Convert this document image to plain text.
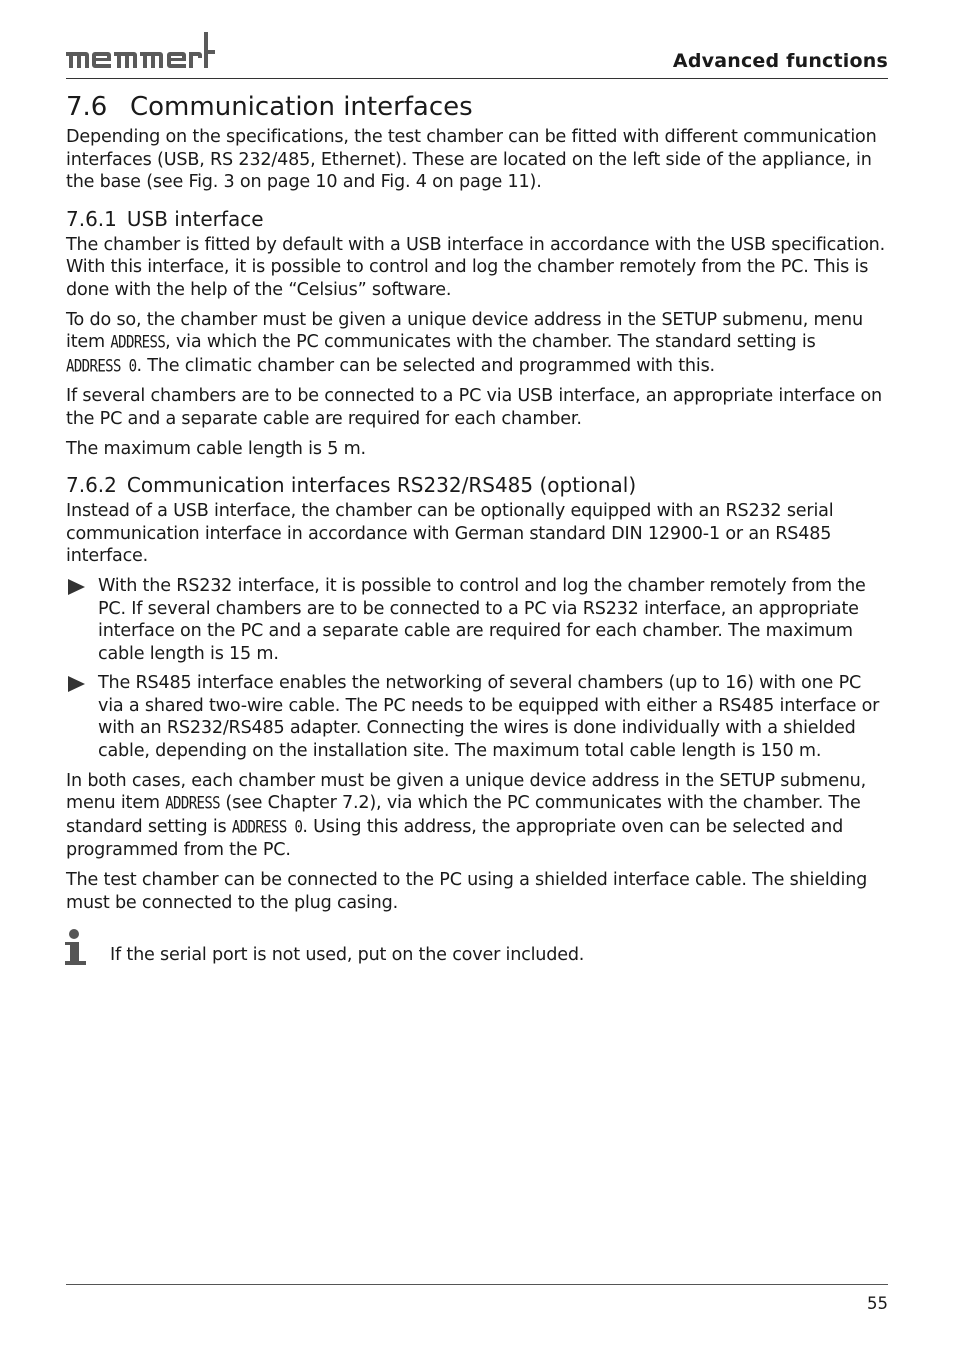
memmert	Advanced functions
7.6 Communication interfaces

Depending on the specifications, the test chamber can be fitted with different communication interfaces (USB, RS 232/485, Ethernet). These are located on the left side of the appliance, in the base (see Fig. 3 on page 10 and Fig. 4 on page 11).

7.6.1 USB interface

The chamber is fitted by default with a USB interface in accordance with the USB specification. With this interface, it is possible to control and log the chamber remotely from the PC. This is done with the help of the “Celsius” software.

To do so, the chamber must be given a unique device address in the SETUP submenu, menu item ADDRESS, via which the PC communicates with the chamber. The standard setting is ADDRESS 0. The climatic chamber can be selected and programmed with this.

If several chambers are to be connected to a PC via USB interface, an appropriate interface on the PC and a separate cable are required for each chamber.

The maximum cable length is 5 m.

7.6.2 Communication interfaces RS232/RS485 (optional)

Instead of a USB interface, the chamber can be optionally equipped with an RS232 serial communication interface in accordance with German standard DIN 12900-1 or an RS485 interface.

With the RS232 interface, it is possible to control and log the chamber remotely from the PC. If several chambers are to be connected to a PC via RS232 interface, an appropriate interface on the PC and a separate cable are required for each chamber. The maximum cable length is 15 m.
The RS485 interface enables the networking of several chambers (up to 16) with one PC via a shared two-wire cable. The PC needs to be equipped with either a RS485 interface or with an RS232/RS485 adapter. Connecting the wires is done individually with a shielded cable, depending on the installation site. The maximum total cable length is 150 m.

In both cases, each chamber must be given a unique device address in the SETUP submenu, menu item ADDRESS (see Chapter 7.2), via which the PC communicates with the chamber. The standard setting is ADDRESS 0. Using this address, the appropriate oven can be selected and programmed from the PC.

The test chamber can be connected to the PC using a shielded interface cable. The shielding must be connected to the plug casing.

If the serial port is not used, put on the cover included.
55
